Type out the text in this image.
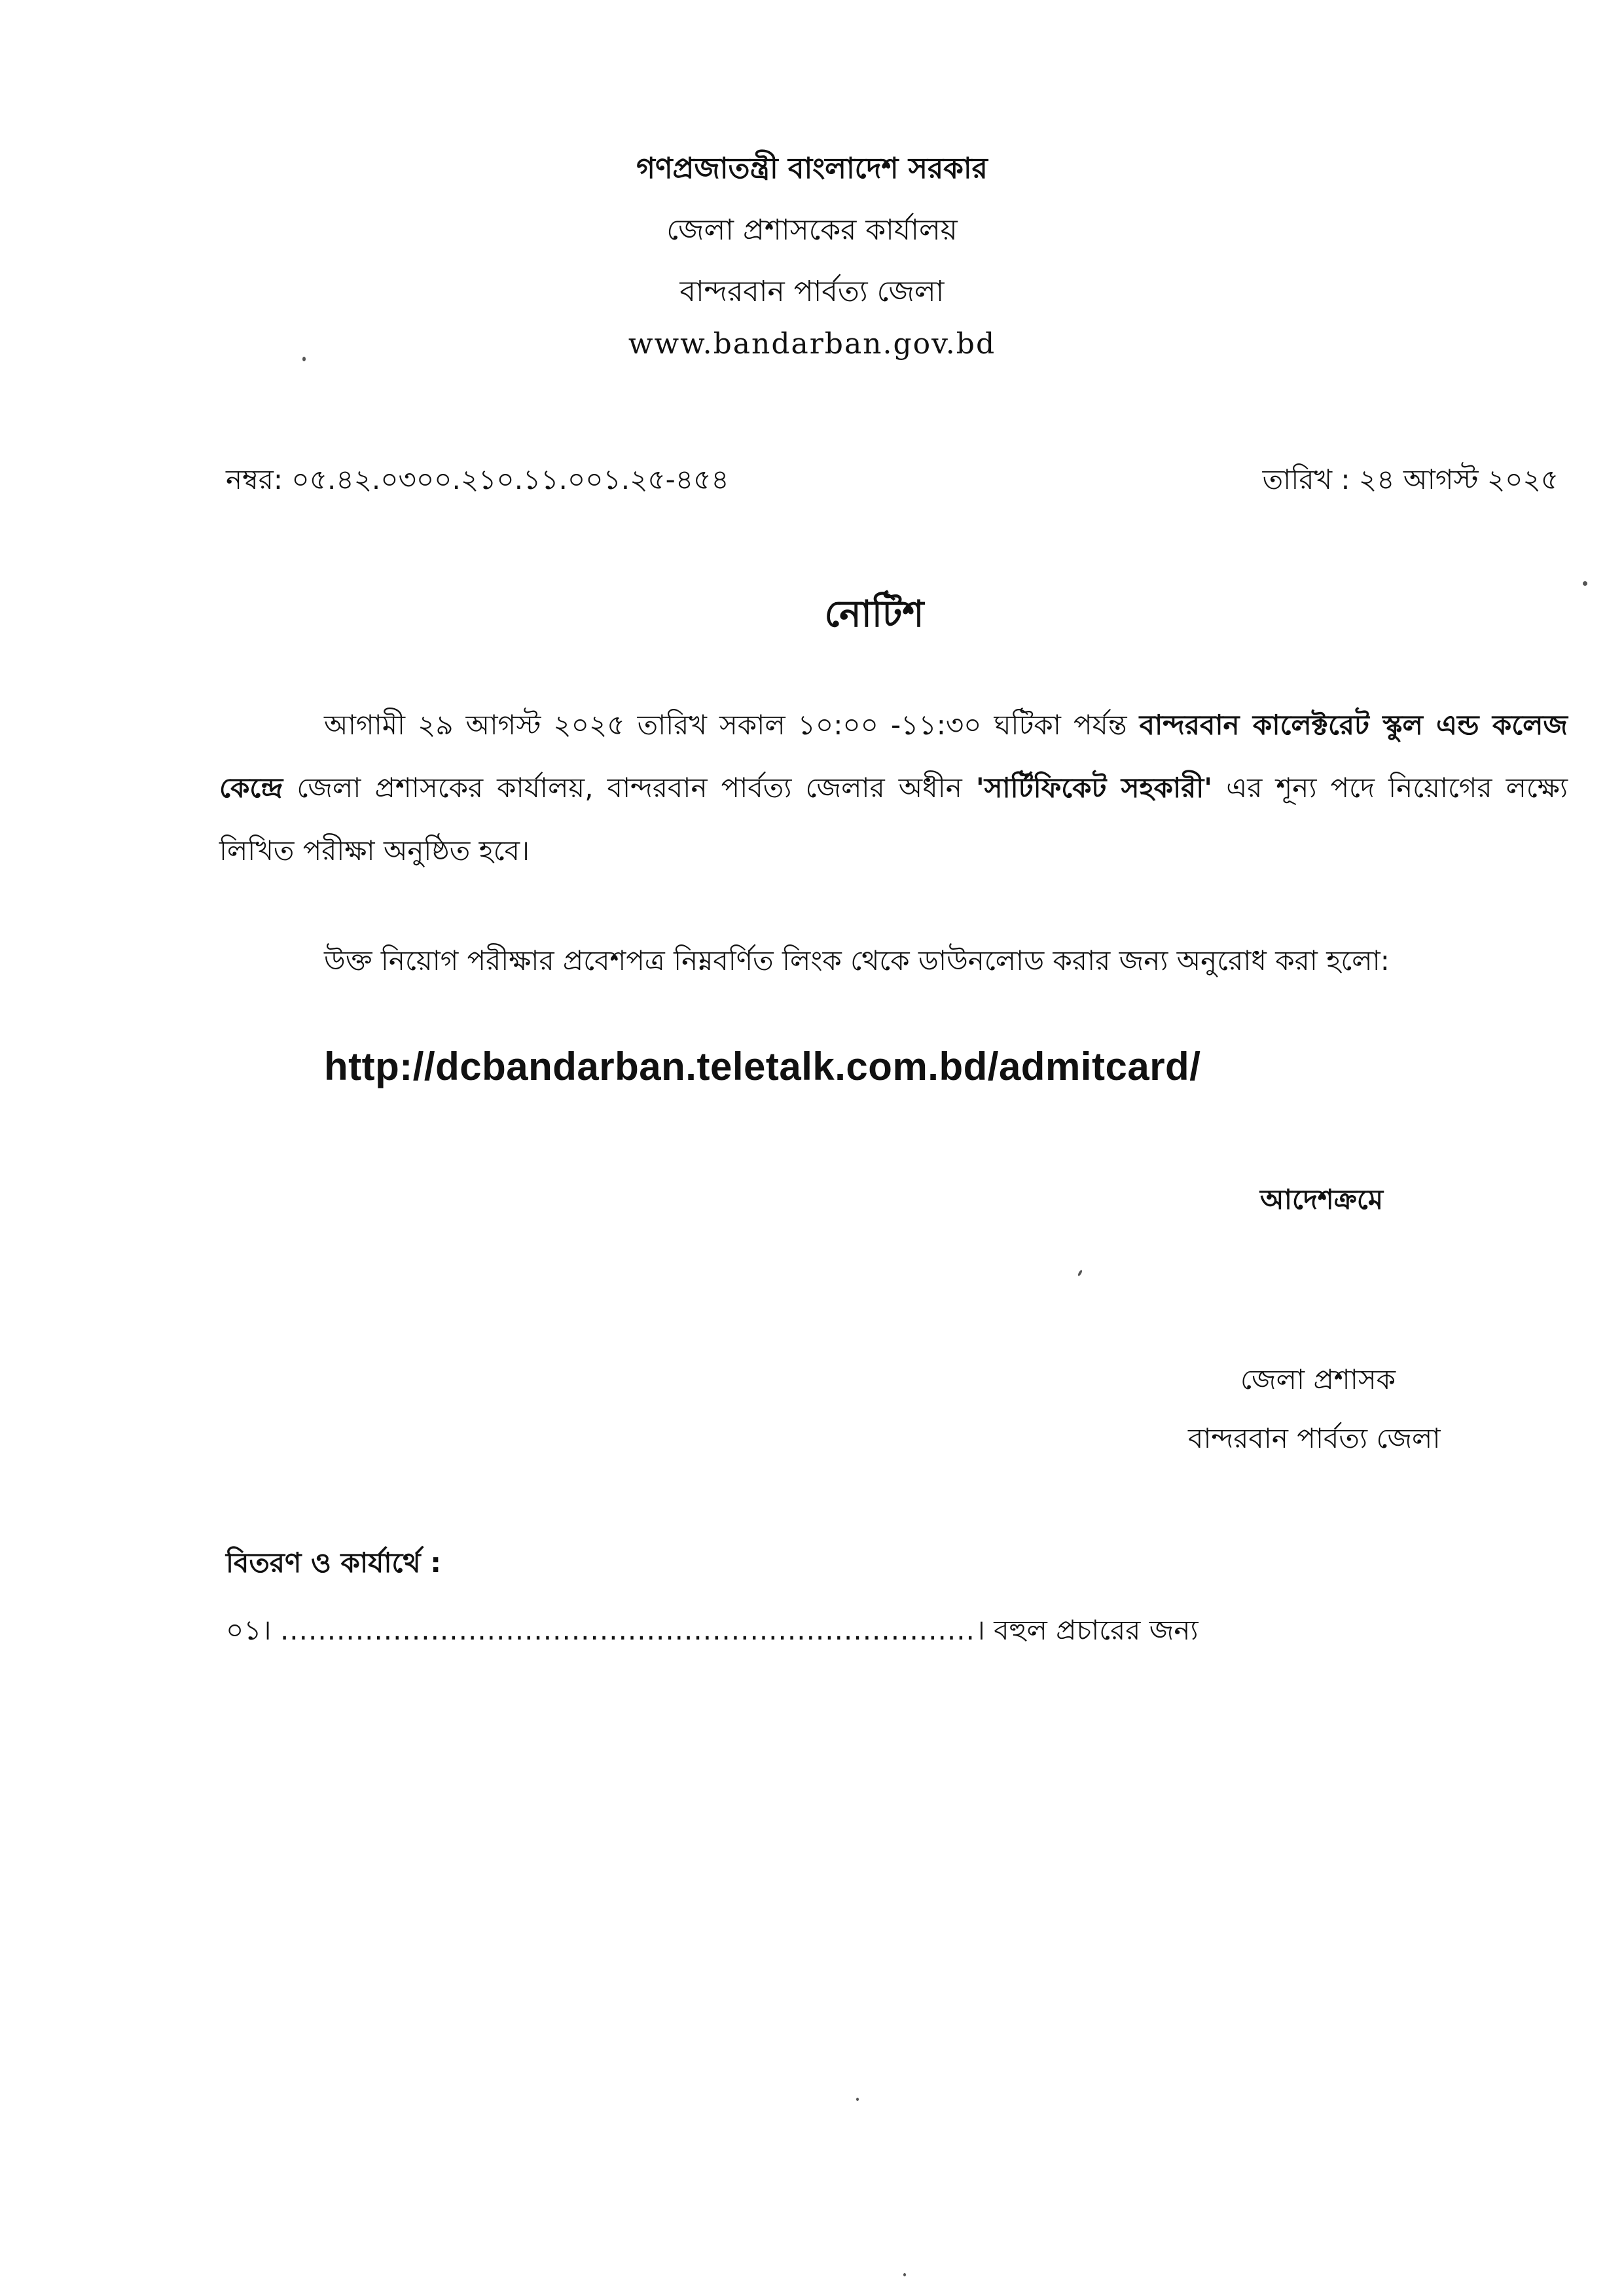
গণপ্রজাতন্ত্রী বাংলাদেশ সরকার
জেলা প্রশাসকের কার্যালয়
বান্দরবান পার্বত্য জেলা
www.bandarban.gov.bd
নম্বর: ০৫.৪২.০৩০০.২১০.১১.০০১.২৫-৪৫৪	তারিখ : ২৪ আগস্ট ২০২৫
নোটিশ
আগামী ২৯ আগস্ট ২০২৫ তারিখ সকাল ১০:০০ -১১:৩০ ঘটিকা পর্যন্ত বান্দরবান কালেক্টরেট স্কুল এন্ড কলেজ কেন্দ্রে জেলা প্রশাসকের কার্যালয়, বান্দরবান পার্বত্য জেলার অধীন 'সার্টিফিকেট সহকারী' এর শূন্য পদে নিয়োগের লক্ষ্যে লিখিত পরীক্ষা অনুষ্ঠিত হবে।
উক্ত নিয়োগ পরীক্ষার প্রবেশপত্র নিম্নবর্ণিত লিংক থেকে ডাউনলোড করার জন্য অনুরোধ করা হলো:
http://dcbandarban.teletalk.com.bd/admitcard/
আদেশক্রমে
জেলা প্রশাসক
বান্দরবান পার্বত্য জেলা
বিতরণ ও কার্যার্থে :
০১। ..........................................................................। বহুল প্রচারের জন্য
